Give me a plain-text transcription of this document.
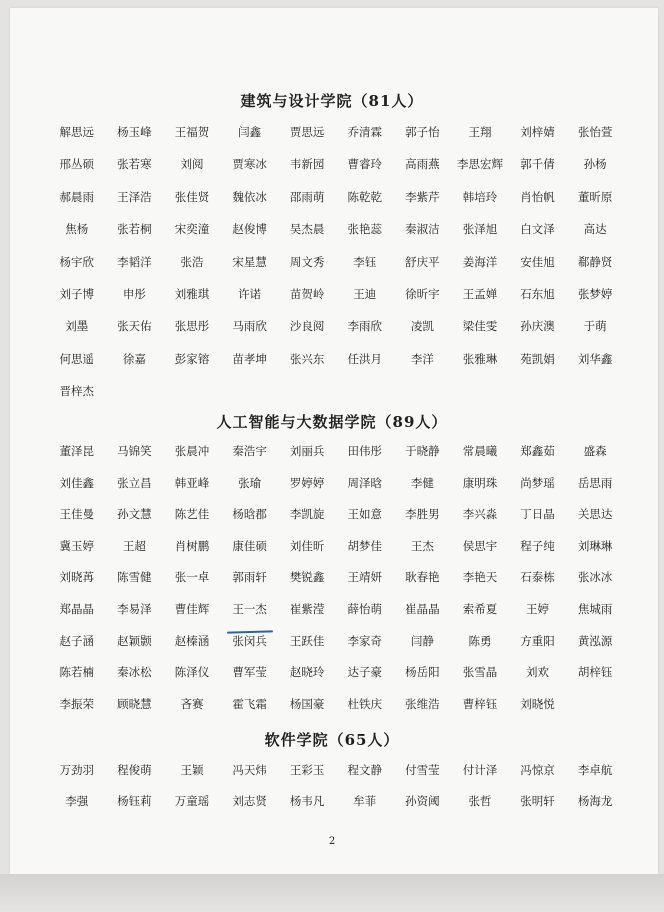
建筑与设计学院（81人）
解思远	杨玉峰	王福贺	闫鑫	贾思远	乔清霖	郭子怡	王翔	刘梓婧	张怡萱
邢丛硕	张若寒	刘阅	贾寒冰	韦新园	曹睿玲	高雨燕	李思宏辉	郭千倩	孙杨
郝晨雨	王泽浩	张佳贤	魏依冰	邵雨萌	陈乾乾	李紫芹	韩培玲	肖怡帆	董昕原
焦杨	张若桐	宋奕潼	赵俊博	吴杰晨	张艳蕊	秦淑洁	张泽旭	白文泽	高达
杨宇欣	李韬洋	张浩	宋星慧	周文秀	李钰	舒庆平	姜海洋	安佳旭	郗静贤
刘子博	申彤	刘雅琪	许诺	苗贺岭	王迪	徐昕宇	王孟婵	石东旭	张梦婷
刘墨	张天佑	张思彤	马雨欣	沙良阅	李雨欣	凌凯	梁佳雯	孙庆澳	于萌
何思遥	徐嘉	彭家镕	苗孝坤	张兴东	任洪月	李洋	张雅琳	苑凯娟	刘华鑫
晋梓杰
人工智能与大数据学院（89人）
董泽昆	马锦笑	张晨冲	秦浩宇	刘丽兵	田伟彤	于晓静	常晨曦	郑鑫茹	盛森
刘佳鑫	张立昌	韩亚峰	张瑜	罗婷婷	周泽晗	李健	康明珠	尚梦瑶	岳思雨
王佳曼	孙文慧	陈艺佳	杨晗郡	李凯旋	王如意	李胜男	李兴淼	丁日晶	关思达
冀玉婷	王超	肖树鹏	康佳硕	刘佳昕	胡梦佳	王杰	侯思宇	程子纯	刘琳琳
刘晓苒	陈雪健	张一卓	郭雨轩	樊锐鑫	王靖妍	耿春艳	李艳天	石泰栋	张冰冰
郑晶晶	李易泽	曹佳辉	王一杰	崔紫滢	薛怡萌	崔晶晶	索希夏	王婷	焦城雨
赵子涵	赵颖颢	赵榛涵	张闵兵	王跃佳	李家奇	闫静	陈勇	方重阳	黄泓源
陈若楠	秦冰松	陈泽仪	曹军莹	赵晓玲	达子豪	杨岳阳	张雪晶	刘欢	胡梓钰
李振荣	顾晓慧	吝赛	霍飞霜	杨国豪	杜铁庆	张维浩	曹梓钰	刘晓悦
软件学院（65人）
万劲羽	程俊萌	王颖	冯天炜	王彩玉	程文静	付雪莹	付计泽	冯惊京	李卓航
李强	杨钰莉	万童瑶	刘志贤	杨韦凡	牟菲	孙资阈	张哲	张明轩	杨海龙
2
